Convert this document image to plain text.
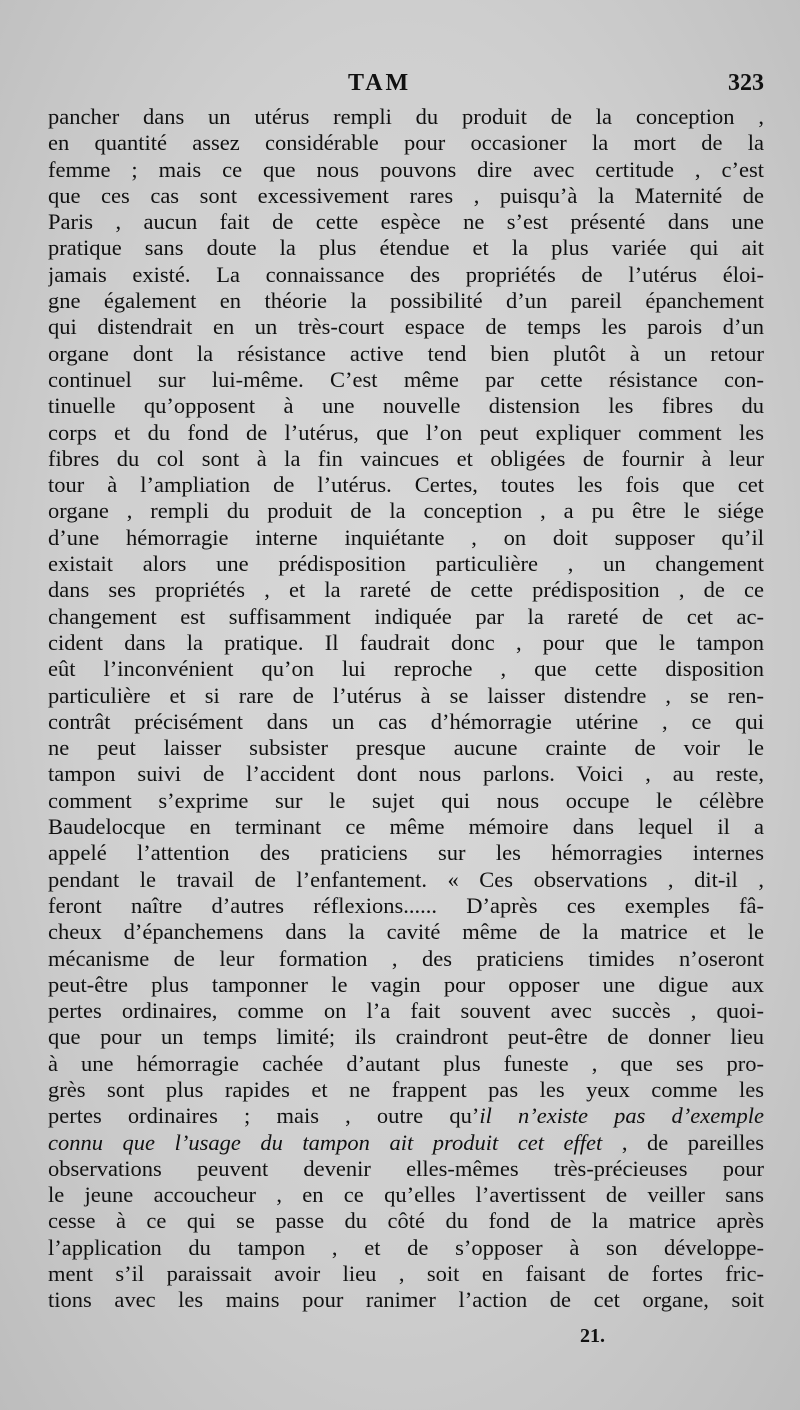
TAM	323
pancher dans un utérus rempli du produit de la conception ,
en quantité assez considérable pour occasioner la mort de la
femme ; mais ce que nous pouvons dire avec certitude , c’est
que ces cas sont excessivement rares , puisqu’à la Maternité de
Paris , aucun fait de cette espèce ne s’est présenté dans une
pratique sans doute la plus étendue et la plus variée qui ait
jamais existé. La connaissance des propriétés de l’utérus éloi-
gne également en théorie la possibilité d’un pareil épanchement
qui distendrait en un très-court espace de temps les parois d’un
organe dont la résistance active tend bien plutôt à un retour
continuel sur lui-même. C’est même par cette résistance con-
tinuelle qu’opposent à une nouvelle distension les fibres du
corps et du fond de l’utérus, que l’on peut expliquer comment les
fibres du col sont à la fin vaincues et obligées de fournir à leur
tour à l’ampliation de l’utérus. Certes, toutes les fois que cet
organe , rempli du produit de la conception , a pu être le siége
d’une hémorragie interne inquiétante , on doit supposer qu’il
existait alors une prédisposition particulière , un changement
dans ses propriétés , et la rareté de cette prédisposition , de ce
changement est suffisamment indiquée par la rareté de cet ac-
cident dans la pratique. Il faudrait donc , pour que le tampon
eût l’inconvénient qu’on lui reproche , que cette disposition
particulière et si rare de l’utérus à se laisser distendre , se ren-
contrât précisément dans un cas d’hémorragie utérine , ce qui
ne peut laisser subsister presque aucune crainte de voir le
tampon suivi de l’accident dont nous parlons. Voici , au reste,
comment s’exprime sur le sujet qui nous occupe le célèbre
Baudelocque en terminant ce même mémoire dans lequel il a
appelé l’attention des praticiens sur les hémorragies internes
pendant le travail de l’enfantement. « Ces observations , dit-il ,
feront naître d’autres réflexions...... D’après ces exemples fâ-
cheux d’épanchemens dans la cavité même de la matrice et le
mécanisme de leur formation , des praticiens timides n’oseront
peut-être plus tamponner le vagin pour opposer une digue aux
pertes ordinaires, comme on l’a fait souvent avec succès , quoi-
que pour un temps limité; ils craindront peut-être de donner lieu
à une hémorragie cachée d’autant plus funeste , que ses pro-
grès sont plus rapides et ne frappent pas les yeux comme les
pertes ordinaires ; mais , outre qu’il n’existe pas d’exemple
connu que l’usage du tampon ait produit cet effet , de pareilles
observations peuvent devenir elles-mêmes très-précieuses pour
le jeune accoucheur , en ce qu’elles l’avertissent de veiller sans
cesse à ce qui se passe du côté du fond de la matrice après
l’application du tampon , et de s’opposer à son développe-
ment s’il paraissait avoir lieu , soit en faisant de fortes fric-
tions avec les mains pour ranimer l’action de cet organe, soit
21.
